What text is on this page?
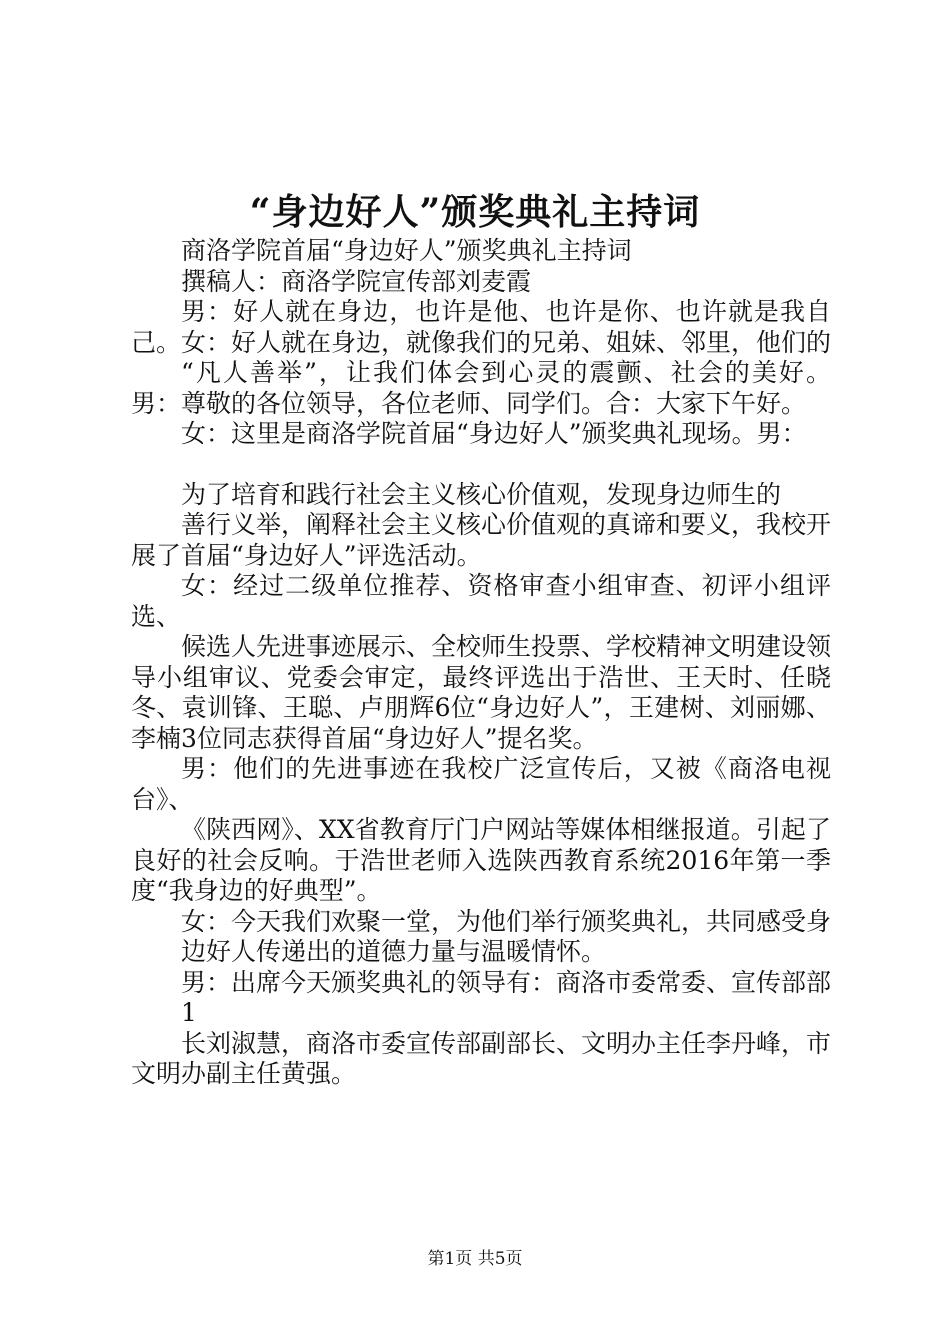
“身边好人”颁奖典礼主持词

商洛学院首届“身边好人”颁奖典礼主持词

撰稿人：商洛学院宣传部刘麦霞

男：好人就在身边，也许是他、也许是你、也许就是我自己。女：好人就在身边，就像我们的兄弟、姐妹、邻里，他们的

“凡人善举”，让我们体会到心灵的震颤、社会的美好。男：尊敬的各位领导，各位老师、同学们。合：大家下午好。

女：这里是商洛学院首届“身边好人”颁奖典礼现场。男：

为了培育和践行社会主义核心价值观，发现身边师生的

善行义举，阐释社会主义核心价值观的真谛和要义，我校开展了首届“身边好人”评选活动。

女：经过二级单位推荐、资格审查小组审查、初评小组评选、

候选人先进事迹展示、全校师生投票、学校精神文明建设领导小组审议、党委会审定，最终评选出于浩世、王天时、任晓冬、袁训锋、王聪、卢朋辉6位“身边好人”，王建树、刘丽娜、李楠3位同志获得首届“身边好人”提名奖。

男：他们的先进事迹在我校广泛宣传后，又被《商洛电视台》、

《陕西网》、XX省教育厅门户网站等媒体相继报道。引起了良好的社会反响。于浩世老师入选陕西教育系统2016年第一季度“我身边的好典型”。

女：今天我们欢聚一堂，为他们举行颁奖典礼，共同感受身

边好人传递出的道德力量与温暖情怀。

男：出席今天颁奖典礼的领导有：商洛市委常委、宣传部部

1

长刘淑慧，商洛市委宣传部副部长、文明办主任李丹峰，市文明办副主任黄强。

第1页 共5页
